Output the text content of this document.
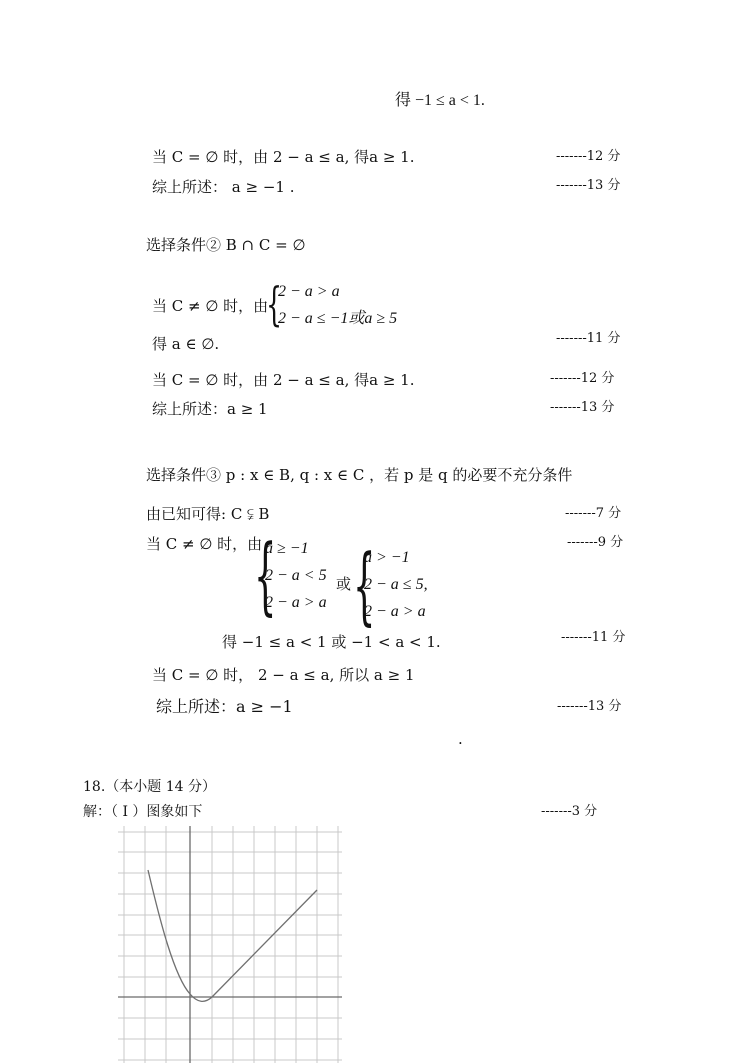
得 −1 ≤ a < 1.
当 C = ∅ 时，由 2 − a ≤ a, 得a ≥ 1.	-------12 分
综上所述： a ≥ −1 .	-------13 分
选择条件② B ∩ C = ∅
当 C ≠ ∅ 时，由
{
2 − a > a
2 − a ≤ −1或a ≥ 5
得 a ∈ ∅.	-------11 分
当 C = ∅ 时，由 2 − a ≤ a, 得a ≥ 1.	-------12 分
综上所述：a ≥ 1	-------13 分
选择条件③ p : x ∈ B, q : x ∈ C ，若 p 是 q 的必要不充分条件
由已知可得: C ⫋ B	-------7 分
当 C ≠ ∅ 时，由	-------9 分
{
a ≥ −1
2 − a < 5
2 − a > a
或 {
a > −1
2 − a ≤ 5,
2 − a > a
得 −1 ≤ a < 1 或 −1 < a < 1.	-------11 分
当 C = ∅ 时， 2 − a ≤ a, 所以 a ≥ 1
综上所述：a ≥ −1	-------13 分
.
18.（本小题 14 分）
解：（ I ）图象如下	-------3 分
